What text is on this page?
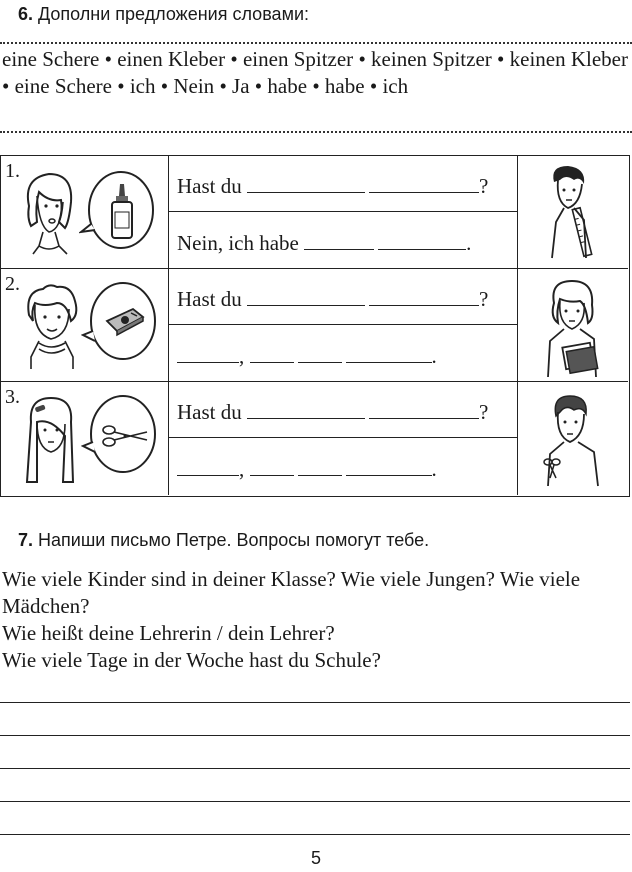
6. Дополни предложения словами:
eine Schere • einen Kleber • einen Spitzer • keinen Spitzer • keinen Kleber • eine Schere • ich • Nein • Ja • habe • habe • ich
1.
Hast du	?
Nein, ich habe	.
2.
Hast du	?
,	.
3.
Hast du	?
,	.
7. Напиши письмо Петре. Вопросы помогут тебе.

Wie viele Kinder sind in deiner Klasse? Wie viele Jungen? Wie viele Mädchen?

Wie heißt deine Lehrerin / dein Lehrer?

Wie viele Tage in der Woche hast du Schule?

5
